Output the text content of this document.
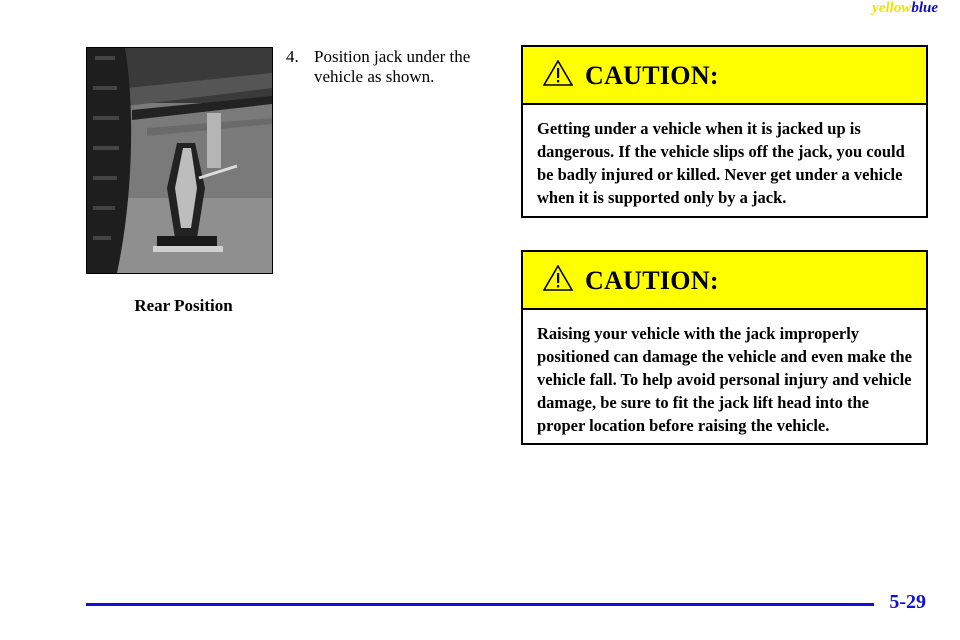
yellowblue
Rear Position
4. Position jack under the vehicle as shown.	CAUTION:
Getting under a vehicle when it is jacked up is dangerous. If the vehicle slips off the jack, you could be badly injured or killed. Never get under a vehicle when it is supported only by a jack.
CAUTION:
Raising your vehicle with the jack improperly positioned can damage the vehicle and even make the vehicle fall. To help avoid personal injury and vehicle damage, be sure to fit the jack lift head into the proper location before raising the vehicle.
5-29
